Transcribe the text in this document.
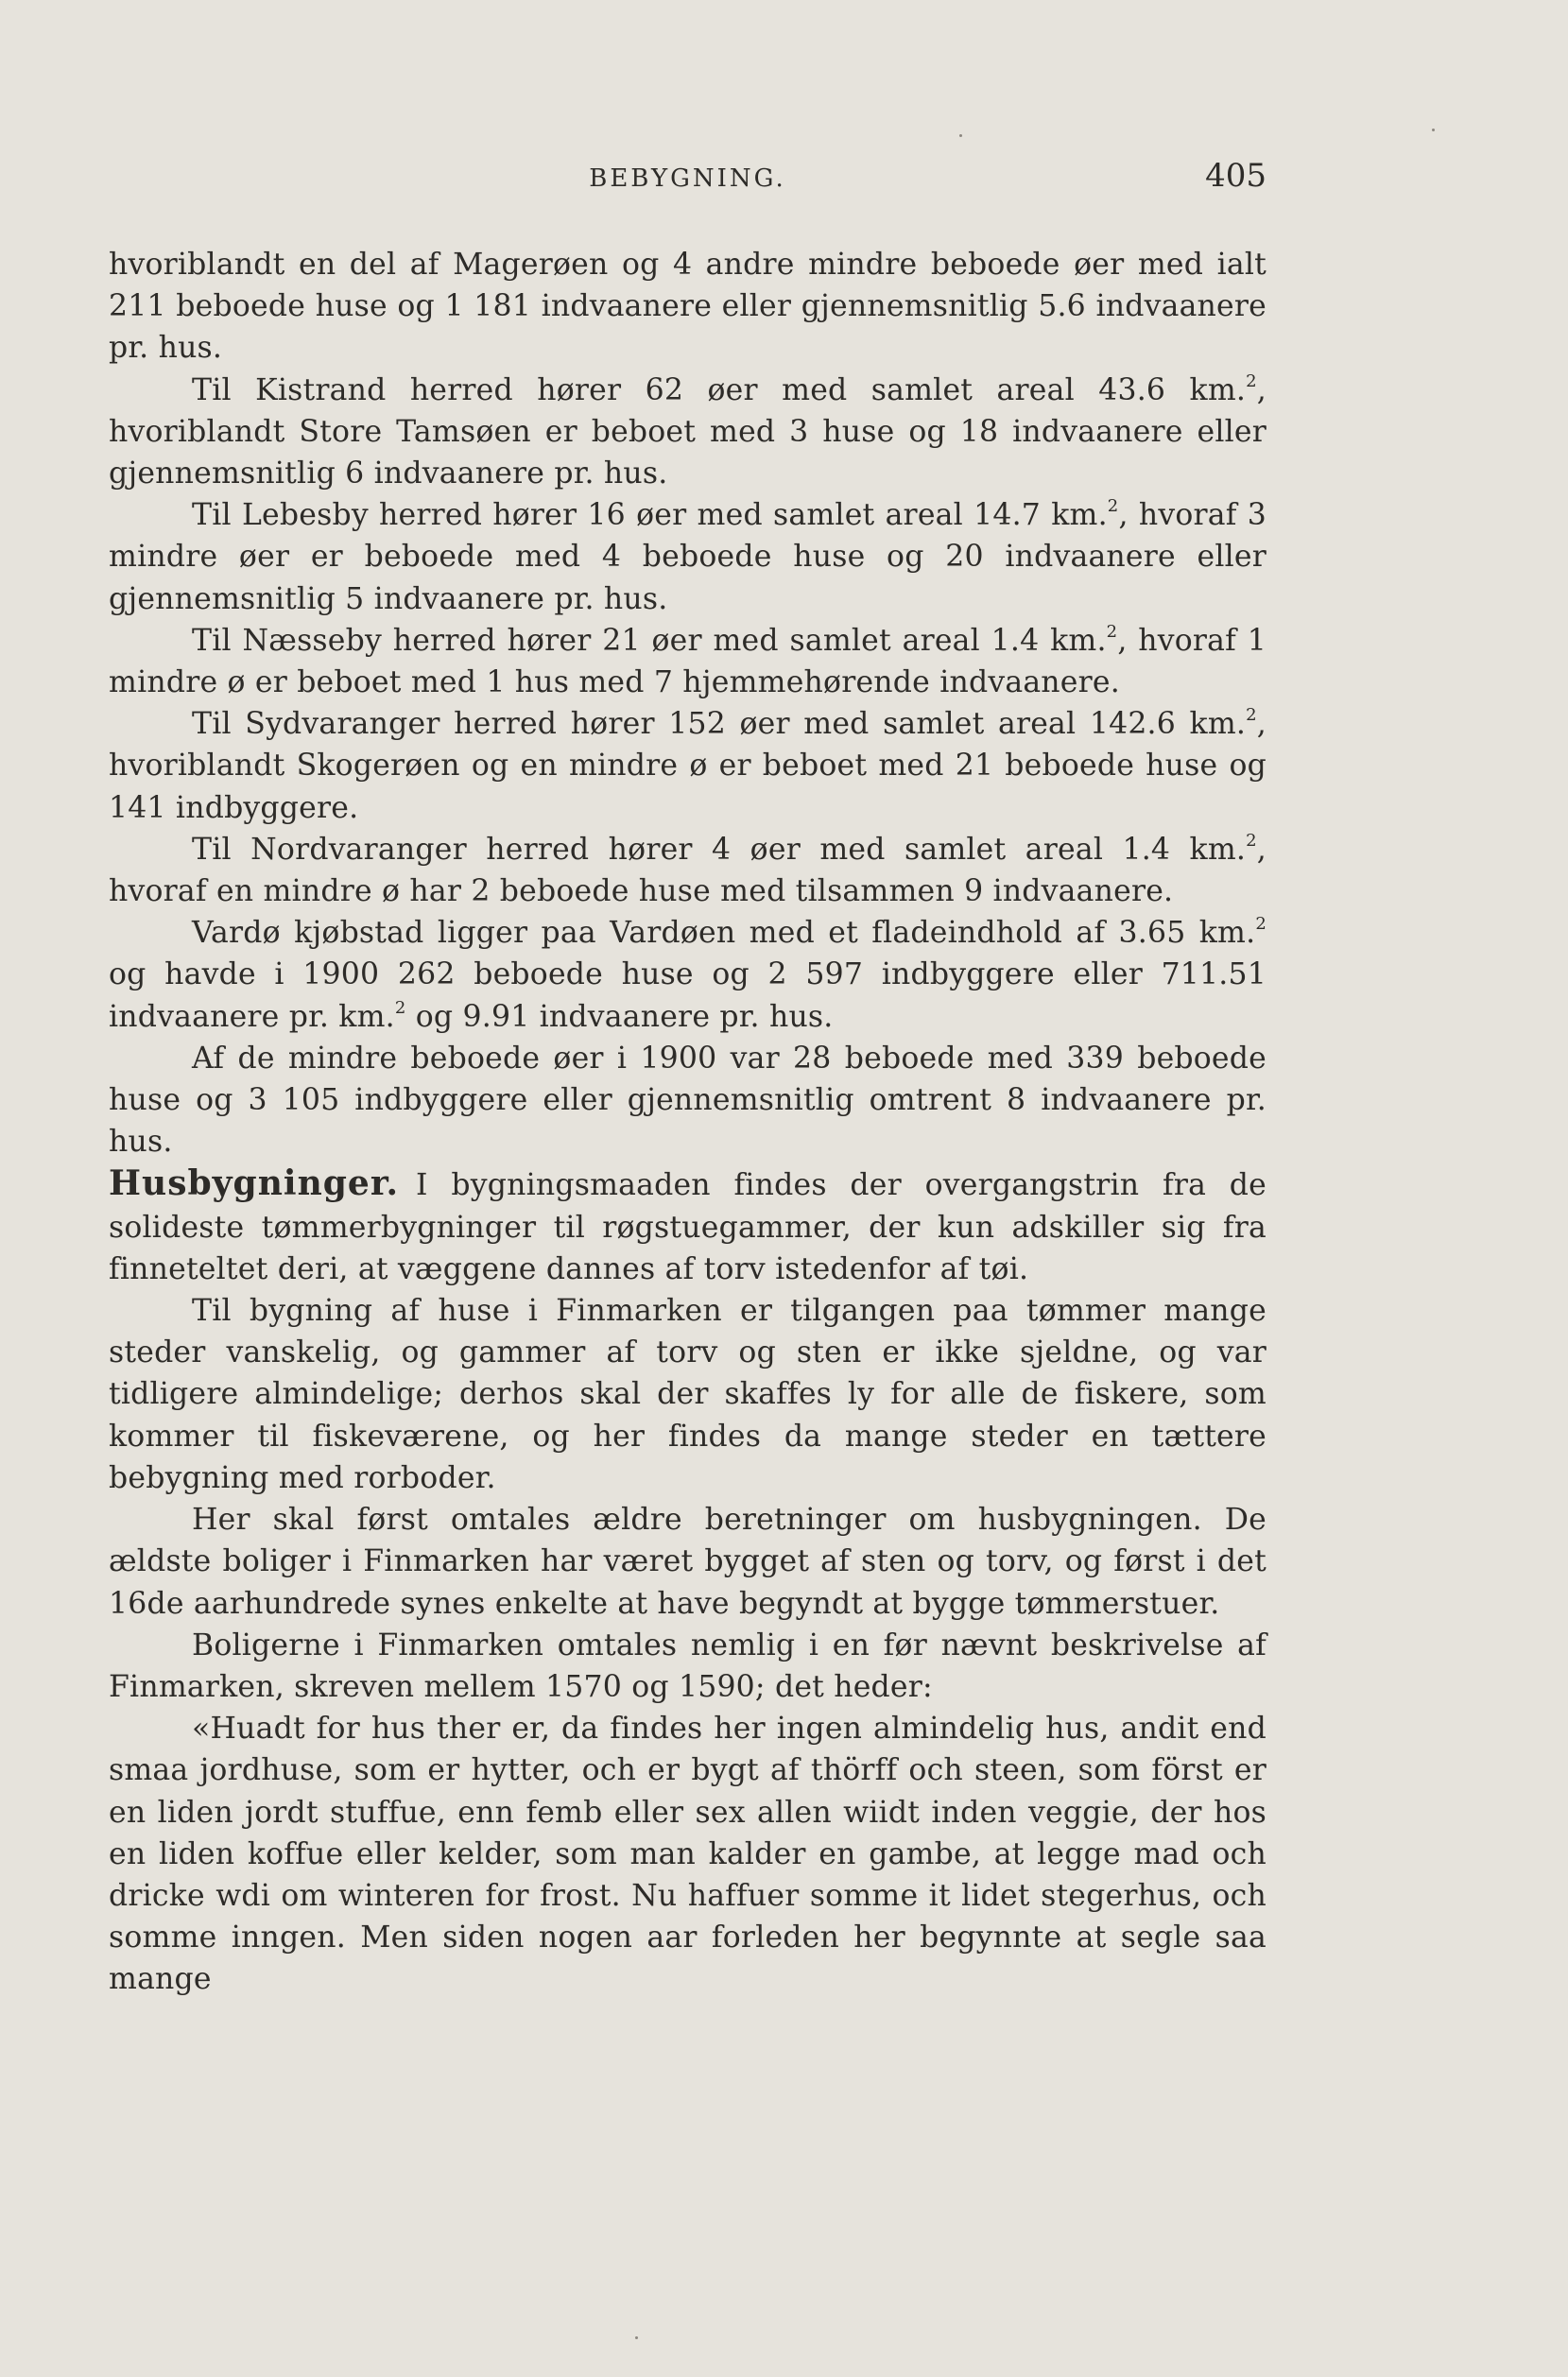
BEBYGNING.	405

hvoriblandt en del af Magerøen og 4 andre mindre beboede øer med ialt 211 beboede huse og 1 181 indvaanere eller gjennemsnitlig 5.6 indvaanere pr. hus.

Til Kistrand herred hører 62 øer med samlet areal 43.6 km.$^2$, hvoriblandt Store Tamsøen er beboet med 3 huse og 18 indvaanere eller gjennemsnitlig 6 indvaanere pr. hus.

Til Lebesby herred hører 16 øer med samlet areal 14.7 km.$^2$, hvoraf 3 mindre øer er beboede med 4 beboede huse og 20 indvaanere eller gjennemsnitlig 5 indvaanere pr. hus.

Til Næsseby herred hører 21 øer med samlet areal 1.4 km.$^2$, hvoraf 1 mindre ø er beboet med 1 hus med 7 hjemmehørende indvaanere.

Til Sydvaranger herred hører 152 øer med samlet areal 142.6 km.$^2$, hvoriblandt Skogerøen og en mindre ø er beboet med 21 beboede huse og 141 indbyggere.

Til Nordvaranger herred hører 4 øer med samlet areal 1.4 km.$^2$, hvoraf en mindre ø har 2 beboede huse med tilsammen 9 indvaanere.

Vardø kjøbstad ligger paa Vardøen med et fladeindhold af 3.65 km.$^2$ og havde i 1900 262 beboede huse og 2 597 indbyggere eller 711.51 indvaanere pr. km.$^2$ og 9.91 indvaanere pr. hus.

Af de mindre beboede øer i 1900 var 28 beboede med 339 beboede huse og 3 105 indbyggere eller gjennemsnitlig omtrent 8 indvaanere pr. hus.

Husbygninger. I bygningsmaaden findes der overgangstrin fra de solideste tømmerbygninger til røgstuegammer, der kun adskiller sig fra finneteltet deri, at væggene dannes af torv istedenfor af tøi.

Til bygning af huse i Finmarken er tilgangen paa tømmer mange steder vanskelig, og gammer af torv og sten er ikke sjeldne, og var tidligere almindelige; derhos skal der skaffes ly for alle de fiskere, som kommer til fiskeværene, og her findes da mange steder en tættere bebygning med rorboder.

Her skal først omtales ældre beretninger om husbygningen. De ældste boliger i Finmarken har været bygget af sten og torv, og først i det 16de aarhundrede synes enkelte at have begyndt at bygge tømmerstuer.

Boligerne i Finmarken omtales nemlig i en før nævnt beskrivelse af Finmarken, skreven mellem 1570 og 1590; det heder:

«Huadt for hus ther er, da findes her ingen almindelig hus, andit end smaa jordhuse, som er hytter, och er bygt af thörff och steen, som först er en liden jordt stuffue, enn femb eller sex allen wiidt inden veggie, der hos en liden koffue eller kelder, som man kalder en gambe, at legge mad och dricke wdi om winteren for frost. Nu haffuer somme it lidet stegerhus, och somme inngen. Men siden nogen aar forleden her begynnte at segle saa mange
